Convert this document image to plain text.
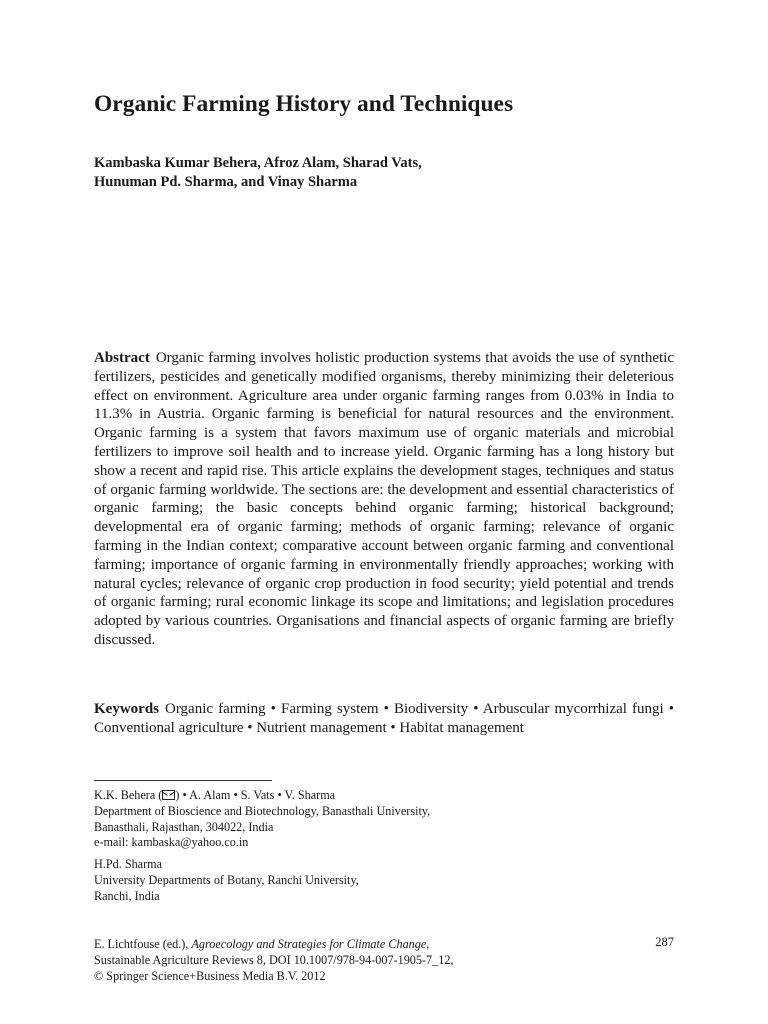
Organic Farming History and Techniques
Kambaska Kumar Behera, Afroz Alam, Sharad Vats,
Hunuman Pd. Sharma, and Vinay Sharma

Abstract Organic farming involves holistic production systems that avoids the use of synthetic fertilizers, pesticides and genetically modified organisms, thereby minimizing their deleterious effect on environment. Agriculture area under organic farming ranges from 0.03% in India to 11.3% in Austria. Organic farming is beneficial for natural resources and the environment. Organic farming is a system that favors maximum use of organic materials and microbial fertilizers to improve soil health and to increase yield. Organic farming has a long history but show a recent and rapid rise. This article explains the development stages, techniques and status of organic farming worldwide. The sections are: the development and essential characteristics of organic farming; the basic concepts behind organic farming; historical background; developmental era of organic farming; methods of organic farming; relevance of organic farming in the Indian context; comparative account between organic farming and conventional farming; importance of organic farming in environmentally friendly approaches; working with natural cycles; relevance of organic crop production in food security; yield potential and trends of organic farming; rural economic linkage its scope and limitations; and legislation procedures adopted by various countries. Organisations and financial aspects of organic farming are briefly discussed.

Keywords Organic farming • Farming system • Biodiversity • Arbuscular mycorrhizal fungi • Conventional agriculture • Nutrient management • Habitat management

K.K. Behera ( ) • A. Alam • S. Vats • V. Sharma
Department of Bioscience and Biotechnology, Banasthali University,
Banasthali, Rajasthan, 304022, India
e-mail: kambaska@yahoo.co.in
H.Pd. Sharma
University Departments of Botany, Ranchi University,
Ranchi, India
E. Lichtfouse (ed.), Agroecology and Strategies for Climate Change,
Sustainable Agriculture Reviews 8, DOI 10.1007/978-94-007-1905-7_12,
© Springer Science+Business Media B.V. 2012
287
